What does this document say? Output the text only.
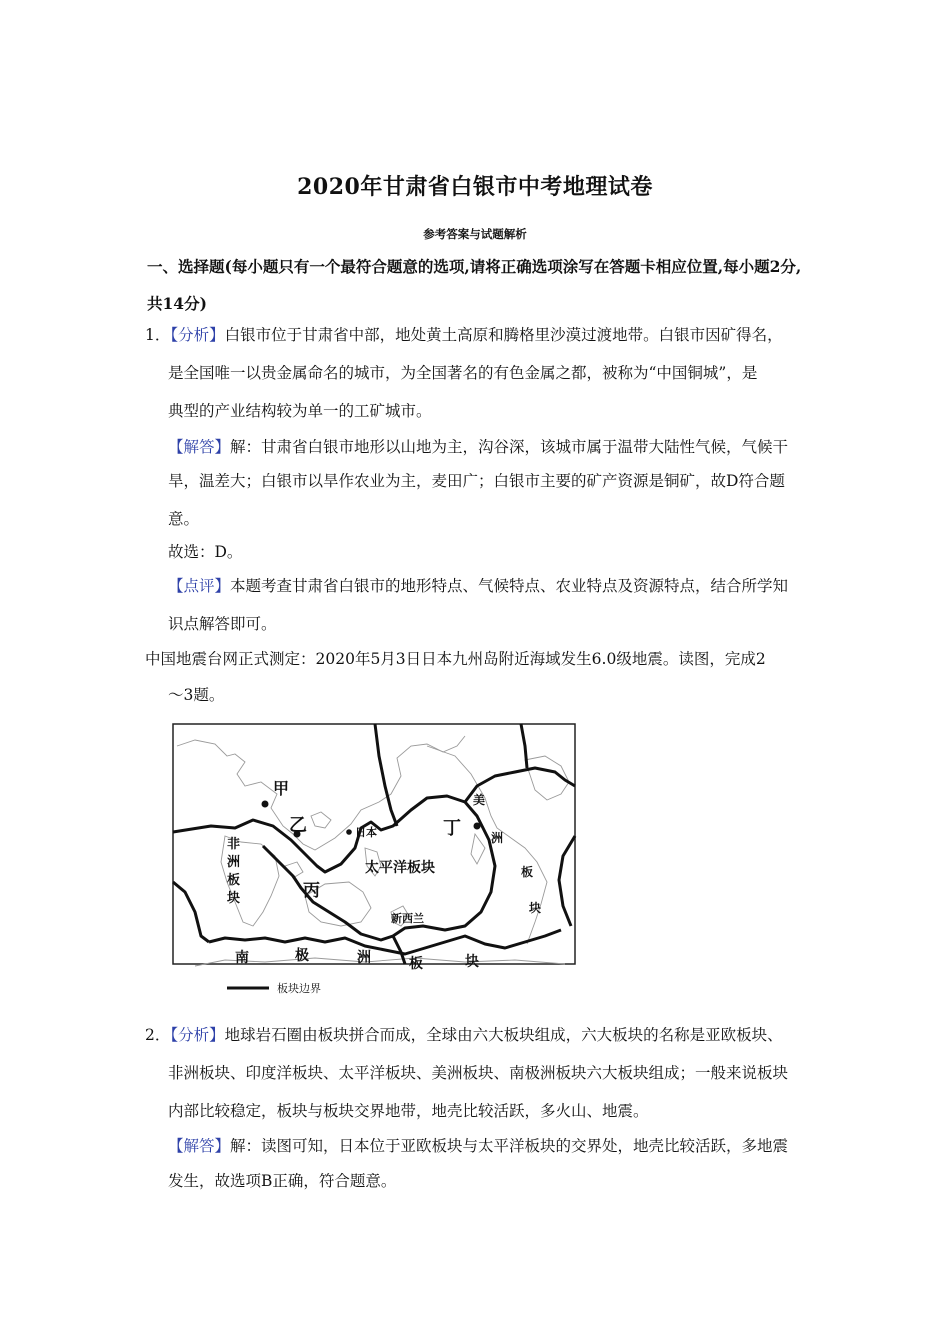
2020年甘肃省白银市中考地理试卷
参考答案与试题解析
一、选择题(每小题只有一个最符合题意的选项,请将正确选项涂写在答题卡相应位置,每小题2分,共14分)
1．【分析】白银市位于甘肃省中部，地处黄土高原和腾格里沙漠过渡地带。白银市因矿得名，
是全国唯一以贵金属命名的城市，为全国著名的有色金属之都，被称为“中国铜城”，是
典型的产业结构较为单一的工矿城市。
【解答】解：甘肃省白银市地形以山地为主，沟谷深，该城市属于温带大陆性气候，气候干
旱，温差大；白银市以旱作农业为主，麦田广；白银市主要的矿产资源是铜矿，故D符合题
意。
故选：D。
【点评】本题考查甘肃省白银市的地形特点、气候特点、农业特点及资源特点，结合所学知
识点解答即可。
中国地震台网正式测定：2020年5月3日日本九州岛附近海域发生6.0级地震。读图，完成2
～3题。
甲
乙
丙
丁
日本
美
洲
板
块
非
洲
板
块
太平洋板块
新西兰
南	极	洲	板	块
板块边界
2．【分析】地球岩石圈由板块拼合而成，全球由六大板块组成，六大板块的名称是亚欧板块、
非洲板块、印度洋板块、太平洋板块、美洲板块、南极洲板块六大板块组成；一般来说板块
内部比较稳定，板块与板块交界地带，地壳比较活跃，多火山、地震。
【解答】解：读图可知，日本位于亚欧板块与太平洋板块的交界处，地壳比较活跃，多地震
发生，故选项B正确，符合题意。
